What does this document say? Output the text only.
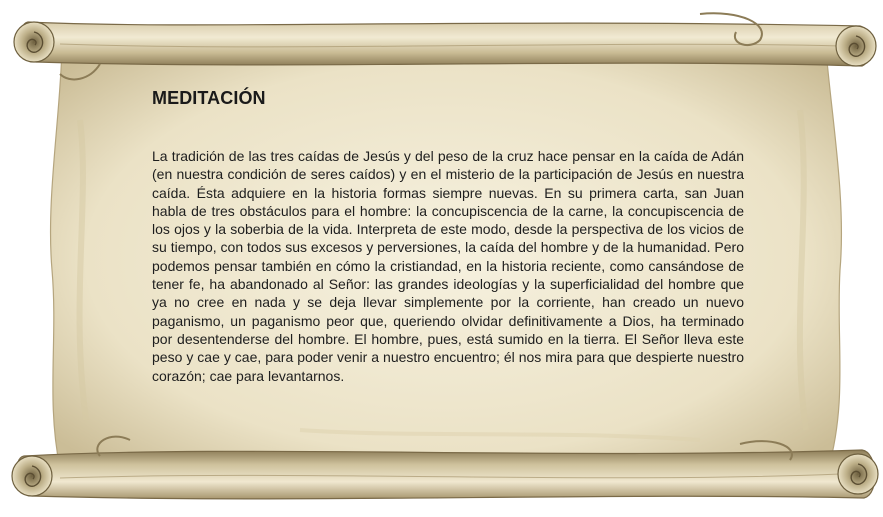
MEDITACIÓN

La tradición de las tres caídas de Jesús y del peso de la cruz hace pensar en la caída de Adán (en nuestra condición de seres caídos) y en el misterio de la participación de Jesús en nuestra caída. Ésta adquiere en la historia formas siempre nuevas. En su primera carta, san Juan habla de tres obstáculos para el hombre: la concupiscencia de la carne, la concupiscencia de los ojos y la soberbia de la vida. Interpreta de este modo, desde la perspectiva de los vicios de su tiempo, con todos sus excesos y perversiones, la caída del hombre y de la humanidad. Pero podemos pensar también en cómo la cristiandad, en la historia reciente, como cansándose de tener fe, ha abandonado al Señor: las grandes ideologías y la superficialidad del hombre que ya no cree en nada y se deja llevar simplemente por la corriente, han creado un nuevo paganismo, un paganismo peor que, queriendo olvidar definitivamente a Dios, ha terminado por desentenderse del hombre. El hombre, pues, está sumido en la tierra. El Señor lleva este peso y cae y cae, para poder venir a nuestro encuentro; él nos mira para que despierte nuestro corazón; cae para levantarnos.
